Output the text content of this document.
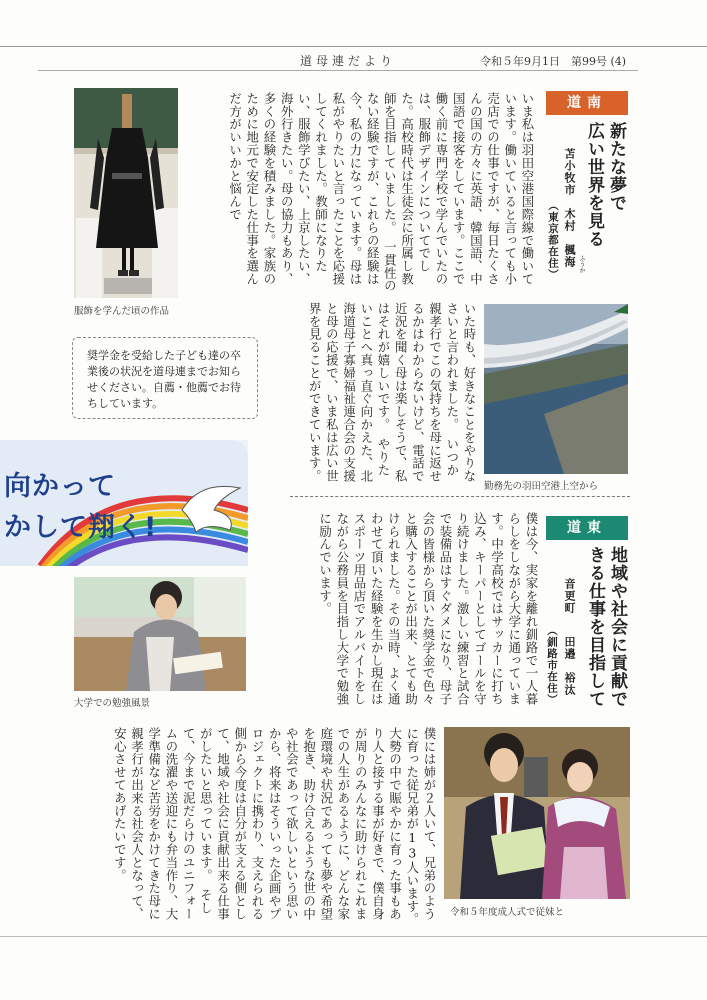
道母連だより	令和５年9月1日　第99号 (4)
道南
新たな夢で
広い世界を見る
苫小牧市
木村　楓海 ふうか
（東京都在住）
いま私は羽田空港国際線で働いています。働いていると言っても小売店での仕事ですが、毎日たくさんの国の方々に英語、韓国語、中国語で接客をしています。ここで働く前に専門学校で学んでいたのは、服飾デザインについてでした。高校時代は生徒会に所属し教師を目指していました。　一貫性のない経験ですが、これらの経験は今、私の力になっています。母は私がやりたいと言ったことを応援してくれました。教師になりたい、服飾学びたい、上京したい、海外行きたい。母の協力もあり、多くの経験を積みました。家族のために地元で安定した仕事を選んだ方がいいかと悩んで
服飾を学んだ頃の作品
勤務先の羽田空港上空から
いた時も、好きなことをやりなさいと言われました。　いつか親孝行でこの気持ちを母に返せるかはわからないけど、電話で近況を聞く母は楽しそうで、私はそれが嬉しいです。　やりたいことへ真っ直ぐ向かえた、北海道母子寡婦福祉連合会の支援と母の応援で、いま私は広い世界を見ることができています。
奨学金を受給した子ども達の卒業後の状況を道母連までお知らせください。自薦・他薦でお待ちしています。
向かって
かして翔く!	道東
地域や社会に貢献で
きる仕事を目指して
音更町
田邉　裕汰
（釧路市在住）
僕は今、実家を離れ釧路で一人暮らしをしながら大学に通っています。中学高校ではサッカーに打ち込み、キーパーとしてゴールを守り続けました。激しい練習と試合で装備品はすぐダメになり、母子会の皆様から頂いた奨学金で色々と購入することが出来、とても助けられました。その当時、よく通わせて頂いた経験を生かし現在はスポーツ用品店でアルバイトをしながら公務員を目指し大学で勉強に励んでいます。
大学での勉強風景
令和５年度成人式で従妹と
僕には姉が２人いて、兄弟のように育った従兄弟が13人います。大勢の中で賑やかに育った事もあり人と接する事が好きで、僕自身が周りのみんなに助けられこれまでの人生があるように、どんな家庭環境や状況であっても夢や希望を抱き、助け合えるような世の中や社会であって欲しいという思いから、将来はそういった企画やプロジェクトに携わり、支えられる側から今度は自分が支える側として、地域や社会に貢献出来る仕事がしたいと思っています。　そして、今まで泥だらけのユニフォームの洗濯や送迎にも弁当作り、大学準備など苦労をかけてきた母に親孝行が出来る社会人となって、安心させてあげたいです。
